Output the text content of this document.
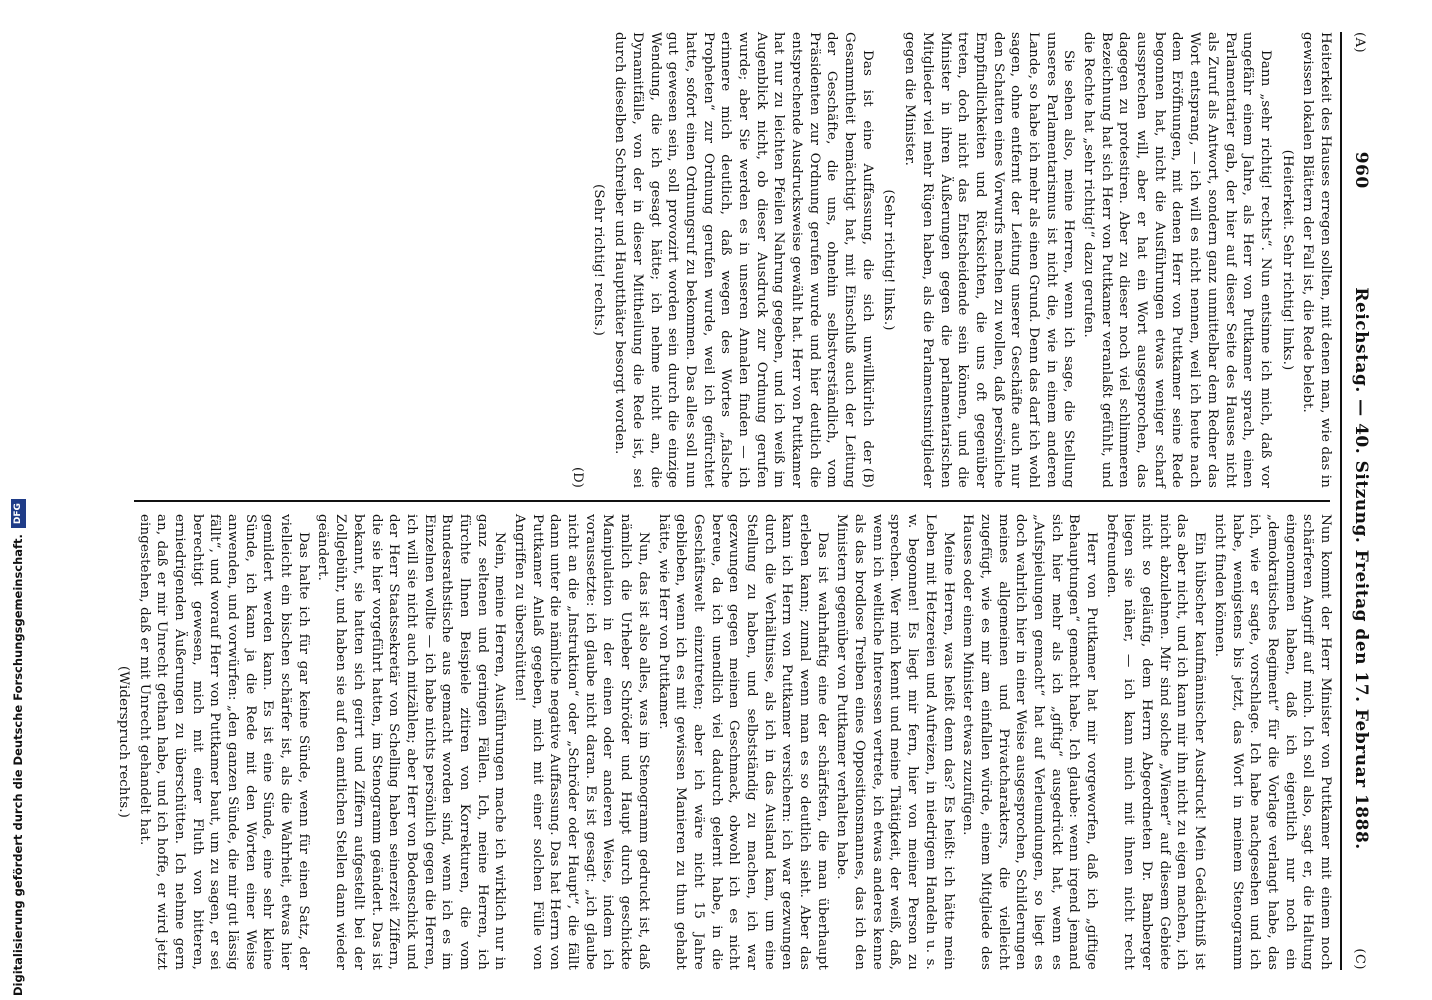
(A)
960
Reichstag. — 40. Sitzung. Freitag den 17. Februar 1888.
(C)

Heiterkeit des Hauses erregen sollten, mit denen man, wie das in gewissen lokalen Blättern der Fall ist, die Rede belebt.

(Heiterkeit. Sehr richtig! links.)

Dann „sehr richtig! rechts“. Nun entsinne ich mich, daß vor ungefähr einem Jahre, als Herr von Puttkamer sprach, einen Parlamentarier gab, der hier auf dieser Seite des Hauses nicht als Zuruf als Antwort, sondern ganz unmittelbar dem Redner das Wort entsprang, — ich will es nicht nennen, weil ich heute nach dem Eröffnungen, mit denen Herr von Puttkamer seine Rede begonnen hat, nicht die Ausführungen etwas weniger scharf aussprechen will, aber er hat ein Wort ausgesprochen, das dagegen zu protestiren. Aber zu dieser noch viel schlimmeren Bezeichnung hat sich Herr von Puttkamer veranlaßt gefühlt, und die Rechte hat „sehr richtig!“ dazu gerufen.

Sie sehen also, meine Herren, wenn ich sage, die Stellung unseres Parlamentarismus ist nicht die, wie in einem anderen Lande, so habe ich mehr als einen Grund. Denn das darf ich wohl sagen, ohne entfernt der Leitung unserer Geschäfte auch nur den Schatten eines Vorwurfs machen zu wollen, daß persönliche Empfindlichkeiten und Rücksichten, die uns oft gegenüber treten, doch nicht das Entscheidende sein können, und die Minister in ihren Äußerungen gegen die parlamentarischen Mitglieder viel mehr Rügen haben, als die Parlamentsmitglieder gegen die Minister.

(Sehr richtig! links.)

(B)

Das ist eine Auffassung, die sich unwillkürlich der Gesammtheit bemächtigt hat, mit Einschluß auch der Leitung der Geschäfte, die uns, ohnehin selbstverständlich, vom Präsidenten zur Ordnung gerufen wurde und hier deutlich die entsprechende Ausdrucksweise gewählt hat. Herr von Puttkamer hat nur zu leichten Pfeilen Nahrung gegeben, und ich weiß im Augenblick nicht, ob dieser Ausdruck zur Ordnung gerufen wurde; aber Sie werden es in unseren Annalen finden — ich erinnere mich deutlich, daß wegen des Wortes „falsche Propheten“ zur Ordnung gerufen wurde, weil ich gefürchtet hatte, sofort einen Ordnungsruf zu bekommen. Das alles soll nun gut gewesen sein, soll provozirt worden sein durch die einzige Wendung, die ich gesagt hätte; ich nehme nicht an, die Dynamitfälle, von der in dieser Mittheilung die Rede ist, sei durch dieselben Schreiber und Hauptthäter besorgt worden.

(Sehr richtig! rechts.)

(D)

Nun kommt der Herr Minister von Puttkamer mit einem noch schärferen Angriff auf mich. Ich soll also, sagt er, die Haltung eingenommen haben, daß ich eigentlich nur noch ein „demokratisches Regiment“ für die Vorlage verlangt habe, das ich, wie er sagte, vorschlage. Ich habe nachgesehen und ich habe, wenigstens bis jetzt, das Wort in meinem Stenogramm nicht finden können.

Ein hübscher kaufmännischer Ausdruck! Mein Gedächtniß ist das aber nicht, und ich kann mir ihn nicht zu eigen machen, ich nicht abzulehnen. Mir sind solche „Wiener“ auf diesem Gebiete nicht so geläufig, dem Herrn Abgeordneten Dr. Bamberger liegen sie näher, — ich kann mich mit ihnen nicht recht befreunden.

Herr von Puttkamer hat mir vorgeworfen, daß ich „giftige Behauptungen“ gemacht habe. Ich glaube: wenn irgend jemand sich hier mehr als ich „giftig“ ausgedrückt hat, wenn es „Aufspielungen gemacht“ hat auf Verleumdungen, so liegt es doch wahrlich hier in einer Weise ausgesprochen, Schilderungen meines allgemeinen und Privatcharakters, die vielleicht zugefügt, wie es mir am einfallen würde, einem Mitgliede des Hauses oder einem Minister etwas zuzufügen.

Meine Herren, was heißt denn das? Es heißt: ich hätte mein Leben mit Hetzereien und Aufreizen, in niedrigem Handeln u. s. w. begonnen! Es liegt mir fern, hier von meiner Person zu sprechen. Wer mich kennt und meine Thätigkeit, der weiß, daß, wenn ich weltliche Interessen vertrete, ich etwas anderes kenne als das brodlose Treiben eines Oppositionsmannes, das ich den Ministern gegenüber von Puttkamer verhalten habe.

Das ist wahrhaftig eine der schärfsten, die man überhaupt erleben kann; zumal wenn man es so deutlich sieht. Aber das kann ich Herrn von Puttkamer versichern: ich war gezwungen durch die Verhältnisse, als ich in das Ausland kam, um eine Stellung zu haben, und selbstständig zu machen, ich war gezwungen gegen meinen Geschmack, obwohl ich es nicht bereue, da ich unendlich viel dadurch gelernt habe, in die Geschäftswelt einzutreten; aber ich wäre nicht 15 Jahre geblieben, wenn ich es mit gewissen Manieren zu thun gehabt hätte, wie Herr von Puttkamer.

Nun, das ist also alles, was im Stenogramm gedruckt ist, daß nämlich die Urheber Schröder und Haupt durch geschickte Manipulation in der einen oder anderen Weise, indem ich voraussetzte: ich glaube nicht daran. Es ist gesagt: „ich glaube nicht an die „Instruktion“ oder „Schröder oder Haupt“, die fällt dann unter die nämliche negative Auffassung. Das hat Herrn von Puttkamer Anlaß gegeben, mich mit einer solchen Fülle von Angriffen zu überschütten!

Nein, meine Herren, Ausführungen mache ich wirklich nur in ganz seltenen und geringen Fällen. Ich, meine Herren, ich fürchte Ihnen Beispiele zitiren von Korrekturen, die vom Bundesrathstische aus gemacht worden sind, wenn ich es im Einzelnen wollte — ich habe nichts persönlich gegen die Herren, ich will sie nicht auch mitzählen; aber Herr von Bodenschick und der Herr Staatssekretär von Schelling haben seinerzeit Ziffern, die sie hier vorgeführt hatten, im Stenogramm geändert. Das ist bekannt, sie hatten sich geirrt und Ziffern aufgestellt bei der Zollgebühr, und haben sie auf den amtlichen Stellen dann wieder geändert.

Das halte ich für gar keine Sünde, wenn für einen Satz, der vielleicht ein bischen schärfer ist, als die Wahrheit, etwas hier gemildert werden kann. Es ist eine Sünde, eine sehr kleine Sünde, ich kann ja die Rede mit den Worten einer Weise anwenden, und vorwürfen: „den ganzen Sünde, die mir gut lässig fällt“, und worauf Herr von Puttkamer baut, um zu sagen, er sei berechtigt gewesen, mich mit einer Fluth von bitteren, erniedrigenden Äußerungen zu überschütten. Ich nehme gern an, daß er mir Unrecht gethan habe, und ich hoffe, er wird jetzt eingestehen, daß er mit Unrecht gehandelt hat.

(Widerspruch rechts.)

Digitalisierung gefördert durch die Deutsche Forschungsgemeinschaft.
DFG
